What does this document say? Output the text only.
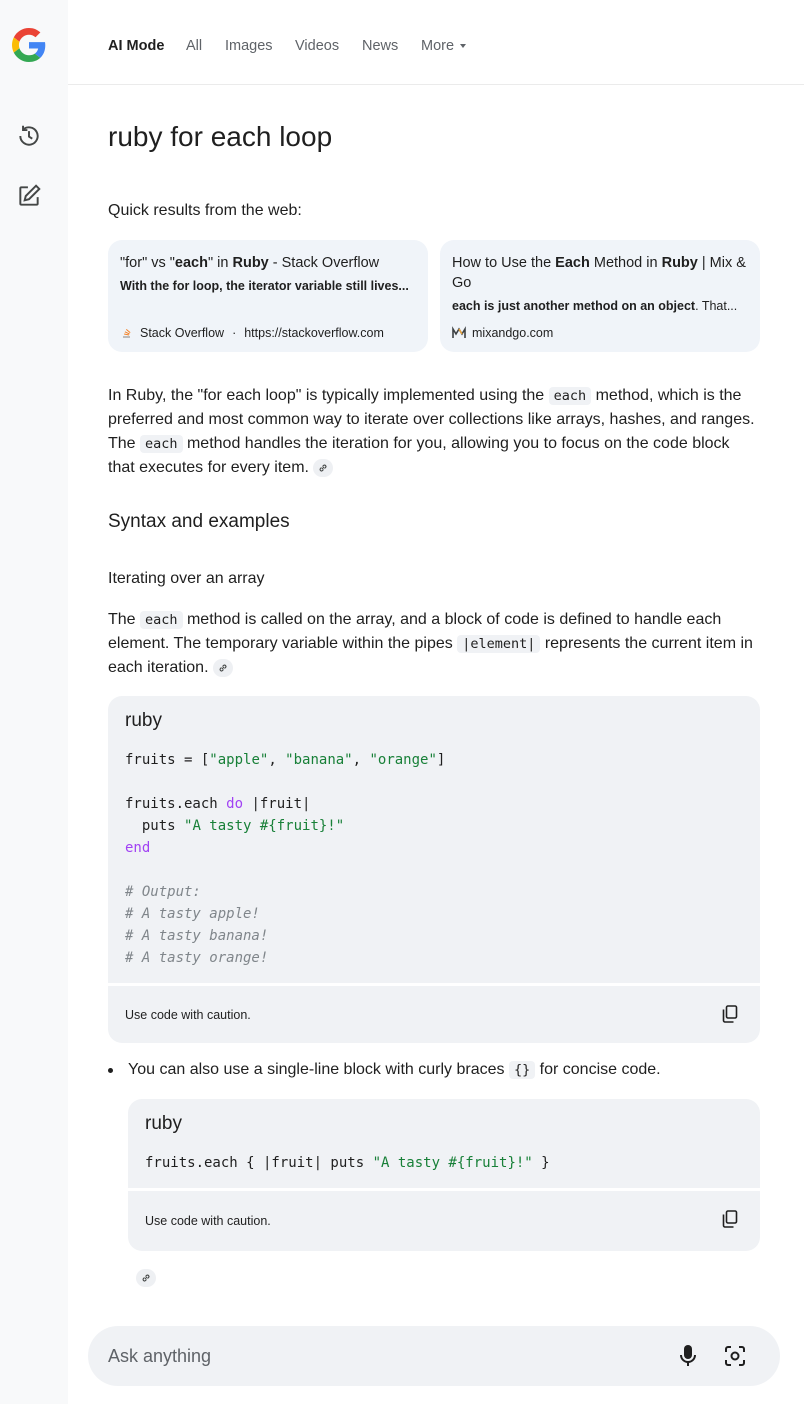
AI Mode All Images Videos News More
ruby for each loop
Quick results from the web:
"for" vs "each" in Ruby - Stack Overflow
With the for loop, the iterator variable still lives...
Stack Overflow · https://stackoverflow.com
How to Use the Each Method in Ruby | Mix & Go
each is just another method on an object. That...
mixandgo.com
In Ruby, the "for each loop" is typically implemented using the each method, which is the preferred and most common way to iterate over collections like arrays, hashes, and ranges. The each method handles the iteration for you, allowing you to focus on the code block that executes for every item.
Syntax and examples
Iterating over an array
The each method is called on the array, and a block of code is defined to handle each element. The temporary variable within the pipes |element| represents the current item in each iteration.
ruby
fruits = ["apple", "banana", "orange"]

fruits.each do |fruit|
puts "A tasty #{fruit}!"
end

# Output:
# A tasty apple!
# A tasty banana!
# A tasty orange!
Use code with caution.
You can also use a single-line block with curly braces {} for concise code.
ruby
fruits.each { |fruit| puts "A tasty #{fruit}!" }
Use code with caution.
Ask anything
